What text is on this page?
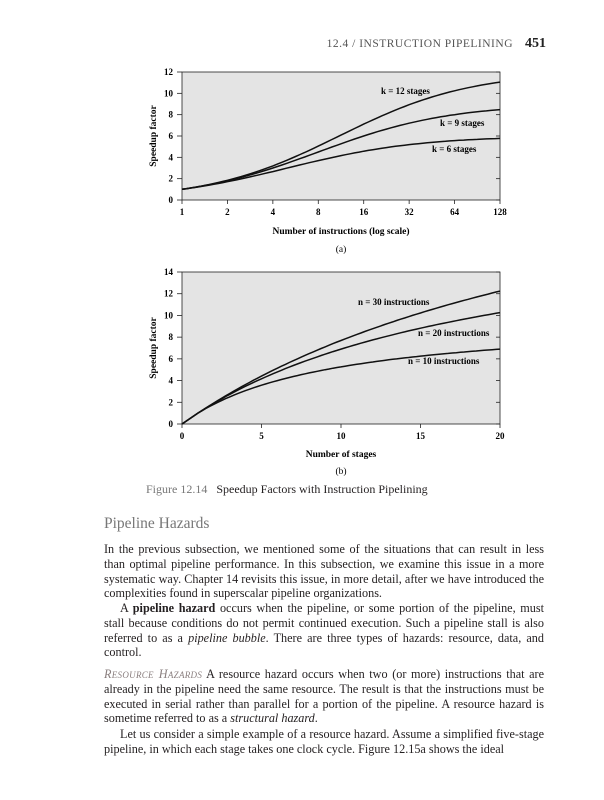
12.4 / INSTRUCTION PIPELINING 451
0
2
4
6
8
10
12
1	2	4	8	16	32	64	128
k = 12 stages
k = 9 stages
k = 6 stages
Number of instructions (log scale)
(a)
Speedup factor
0
2
4
6
8
10
12
14
0	5	10	15	20
n = 30 instructions
n = 20 instructions
n = 10 instructions
Number of stages
(b)
Speedup factor
Figure 12.14 Speedup Factors with Instruction Pipelining
Pipeline Hazards

In the previous subsection, we mentioned some of the situations that can result in less than optimal pipeline performance. In this subsection, we examine this issue in a more systematic way. Chapter 14 revisits this issue, in more detail, after we have introduced the complexities found in superscalar pipeline organizations.

A pipeline hazard occurs when the pipeline, or some portion of the pipeline, must stall because conditions do not permit continued execution. Such a pipeline stall is also referred to as a pipeline bubble. There are three types of hazards: resource, data, and control.

Resource Hazards A resource hazard occurs when two (or more) instructions that are already in the pipeline need the same resource. The result is that the instructions must be executed in serial rather than parallel for a portion of the pipeline. A resource hazard is sometime referred to as a structural hazard.

Let us consider a simple example of a resource hazard. Assume a simplified five-stage pipeline, in which each stage takes one clock cycle. Figure 12.15a shows the ideal
